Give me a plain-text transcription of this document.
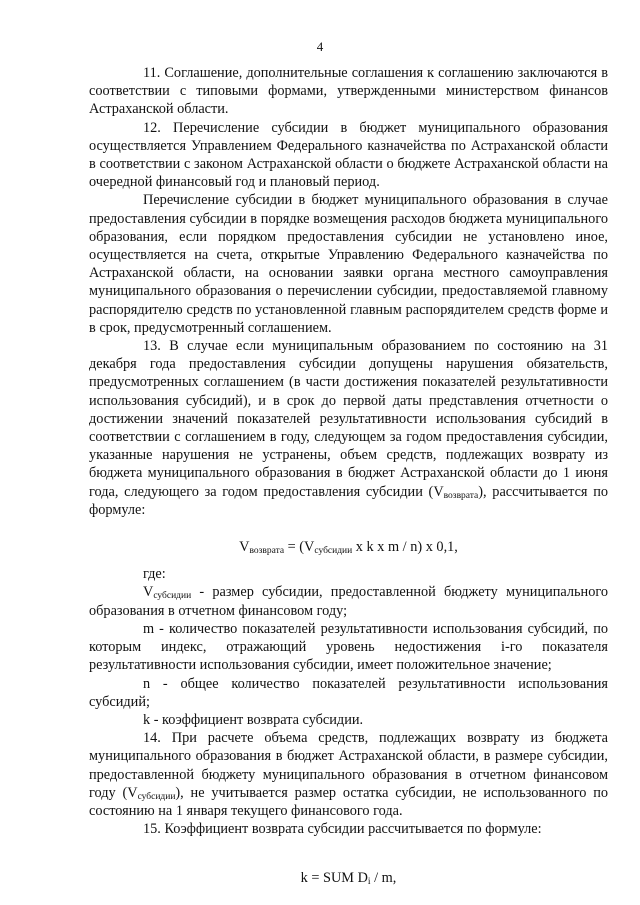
4

11. Соглашение, дополнительные соглашения к соглашению заключаются в соответствии с типовыми формами, утвержденными министерством финансов Астраханской области.

12. Перечисление субсидии в бюджет муниципального образования осуществляется Управлением Федерального казначейства по Астраханской области в соответствии с законом Астраханской области о бюджете Астраханской области на очередной финансовый год и плановый период.

Перечисление субсидии в бюджет муниципального образования в случае предоставления субсидии в порядке возмещения расходов бюджета муниципального образования, если порядком предоставления субсидии не установлено иное, осуществляется на счета, открытые Управлению Федерального казначейства по Астраханской области, на основании заявки органа местного самоуправления муниципального образования о перечислении субсидии, предоставляемой главному распорядителю средств по установленной главным распорядителем средств форме и в срок, предусмотренный соглашением.

13. В случае если муниципальным образованием по состоянию на 31 декабря года предоставления субсидии допущены нарушения обязательств, предусмотренных соглашением (в части достижения показателей результативности использования субсидий), и в срок до первой даты представления отчетности о достижении значений показателей результативности использования субсидий в соответствии с соглашением в году, следующем за годом предоставления субсидии, указанные нарушения не устранены, объем средств, подлежащих возврату из бюджета муниципального образования в бюджет Астраханской области до 1 июня года, следующего за годом предоставления субсидии $(V_{возврата})$, рассчитывается по формуле:

$V_{возврата} = (V_{субсидии}$ x k x m / n) x 0,1,

где:

$V_{субсидии}$ - размер субсидии, предоставленной бюджету муниципального образования в отчетном финансовом году;

m - количество показателей результативности использования субсидий, по которым индекс, отражающий уровень недостижения i-го показателя результативности использования субсидии, имеет положительное значение;

n - общее количество показателей результативности использования субсидий;

k - коэффициент возврата субсидии.

14. При расчете объема средств, подлежащих возврату из бюджета муниципального образования в бюджет Астраханской области, в размере субсидии, предоставленной бюджету муниципального образования в отчетном финансовом году $(V_{субсидии})$, не учитывается размер остатка субсидии, не использованного по состоянию на 1 января текущего финансового года.

15. Коэффициент возврата субсидии рассчитывается по формуле:

k = SUM $D_i$ / m,
